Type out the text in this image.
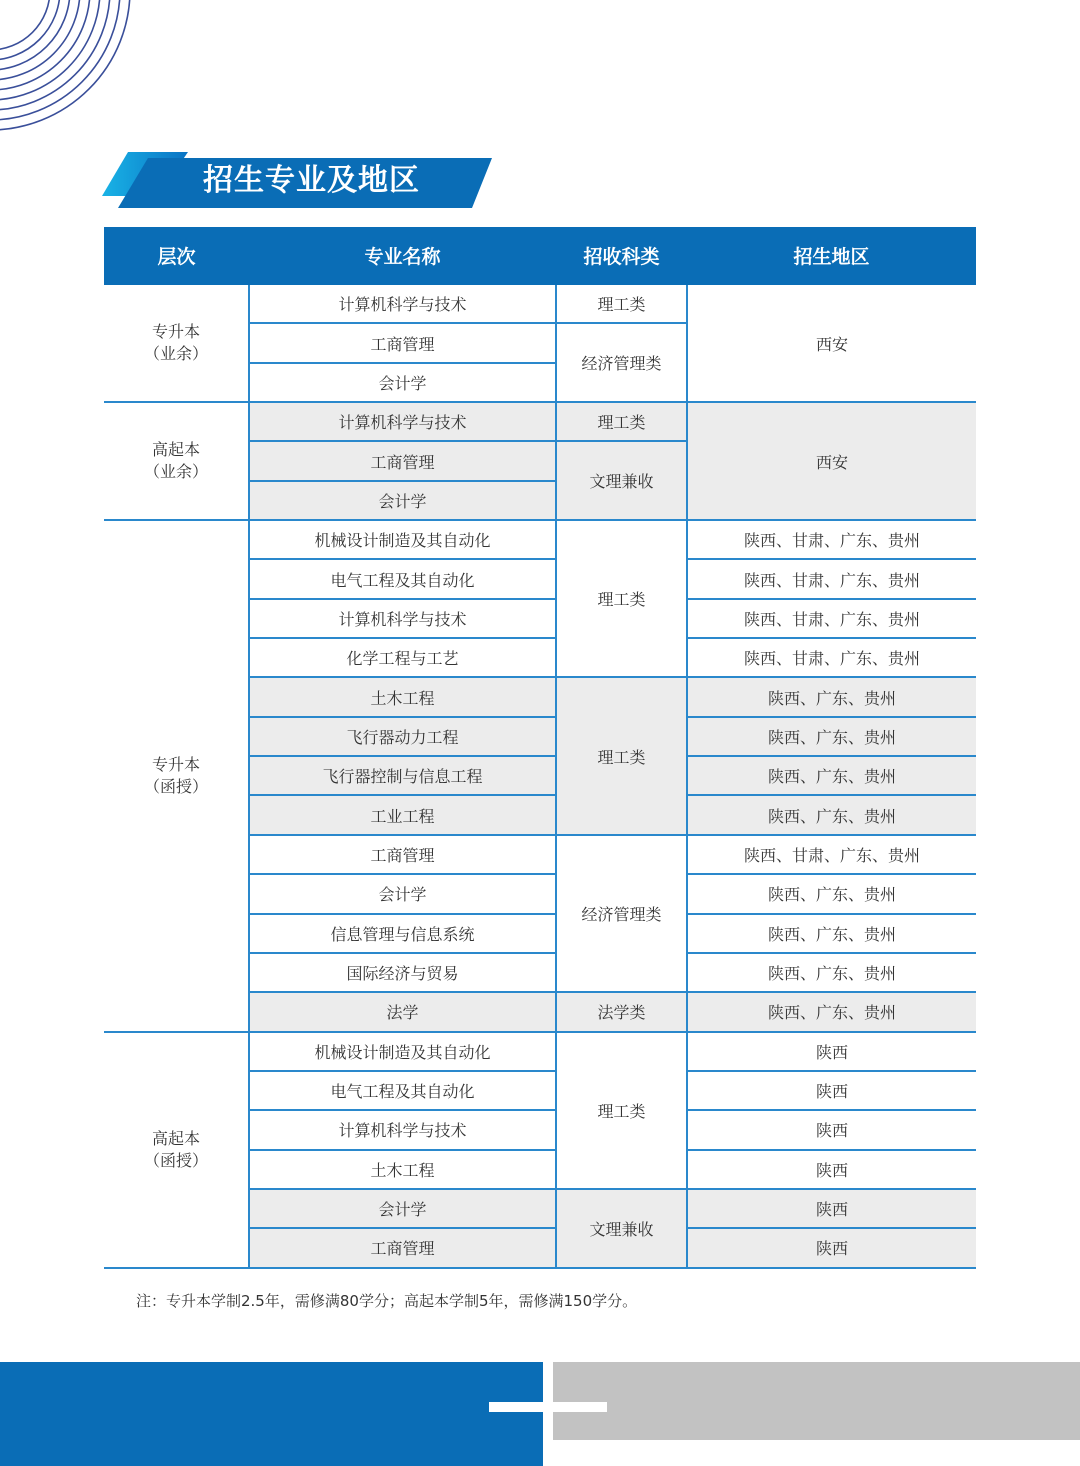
招生专业及地区
层次	专业名称	招收科类	招生地区

专升本
（业余）	计算机科学与技术	理工类	西安
	工商管理	经济管理类	
	会计学		

高起本
（业余）	计算机科学与技术	理工类	西安
	工商管理	文理兼收	
	会计学		

专升本
（函授）	机械设计制造及其自动化	理工类	陕西、甘肃、广东、贵州
	电气工程及其自动化		陕西、甘肃、广东、贵州
	计算机科学与技术		陕西、甘肃、广东、贵州
	化学工程与工艺		陕西、甘肃、广东、贵州
	土木工程	理工类	陕西、广东、贵州
	飞行器动力工程		陕西、广东、贵州
	飞行器控制与信息工程		陕西、广东、贵州
	工业工程		陕西、广东、贵州
	工商管理	经济管理类	陕西、甘肃、广东、贵州
	会计学		陕西、广东、贵州
	信息管理与信息系统		陕西、广东、贵州
	国际经济与贸易		陕西、广东、贵州
	法学	法学类	陕西、广东、贵州

高起本
（函授）	机械设计制造及其自动化	理工类	陕西
	电气工程及其自动化		陕西
	计算机科学与技术		陕西
	土木工程		陕西
	会计学	文理兼收	陕西
	工商管理		陕西
注：专升本学制2.5年，需修满80学分；高起本学制5年，需修满150学分。
